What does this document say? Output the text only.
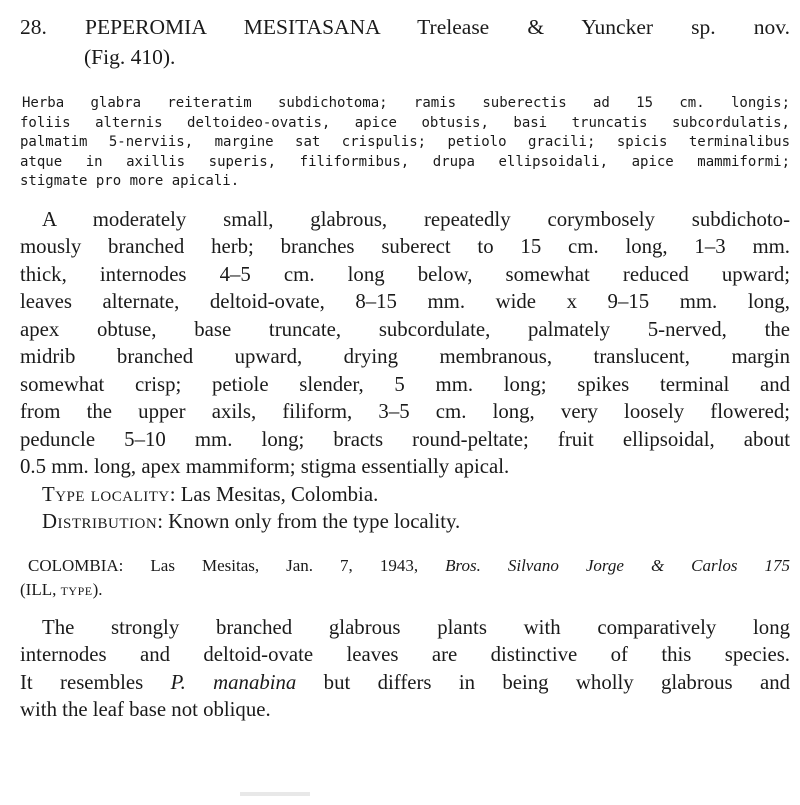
28. PEPEROMIA MESITASANA Trelease & Yuncker sp. nov.

(Fig. 410).

Herba glabra reiteratim subdichotoma; ramis suberectis ad 15 cm. longis;
foliis alternis deltoideo-ovatis, apice obtusis, basi truncatis subcordulatis,
palmatim 5-nerviis, margine sat crispulis; petiolo gracili; spicis terminalibus
atque in axillis superis, filiformibus, drupa ellipsoidali, apice mammiformi;
stigmate pro more apicali.
A moderately small, glabrous, repeatedly corymbosely subdichoto-
mously branched herb; branches suberect to 15 cm. long, 1–3 mm.
thick, internodes 4–5 cm. long below, somewhat reduced upward;
leaves alternate, deltoid-ovate, 8–15 mm. wide x 9–15 mm. long,
apex obtuse, base truncate, subcordulate, palmately 5-nerved, the
midrib branched upward, drying membranous, translucent, margin
somewhat crisp; petiole slender, 5 mm. long; spikes terminal and
from the upper axils, filiform, 3–5 cm. long, very loosely flowered;
peduncle 5–10 mm. long; bracts round-peltate; fruit ellipsoidal, about
0.5 mm. long, apex mammiform; stigma essentially apical.

Type locality: Las Mesitas, Colombia.

Distribution: Known only from the type locality.

COLOMBIA: Las Mesitas, Jan. 7, 1943, Bros. Silvano Jorge & Carlos 175
(ILL, type).
The strongly branched glabrous plants with comparatively long
internodes and deltoid-ovate leaves are distinctive of this species.
It resembles P. manabina but differs in being wholly glabrous and
with the leaf base not oblique.
